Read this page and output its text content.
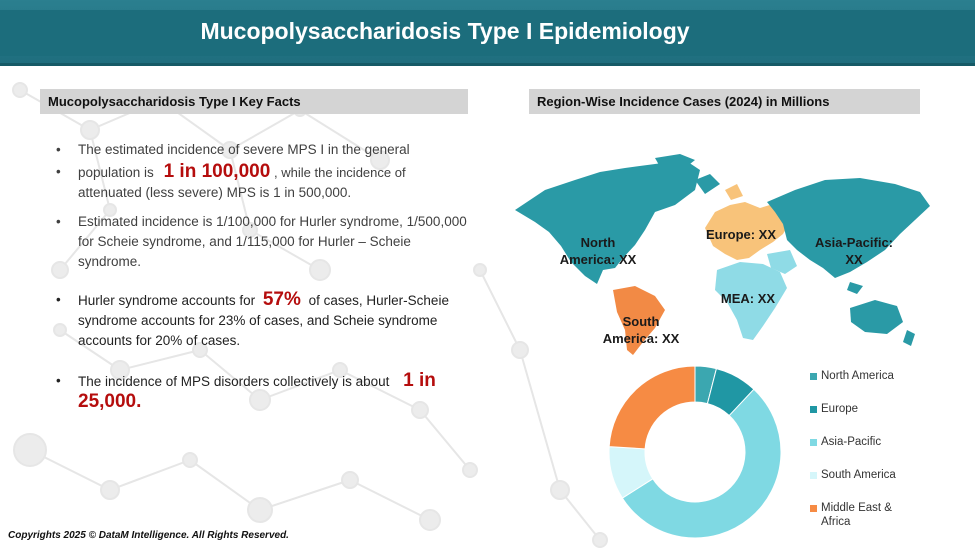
Mucopolysaccharidosis Type I Epidemiology
Mucopolysaccharidosis Type I Key Facts	Region-Wise Incidence Cases (2024) in Millions
• The estimated incidence of severe MPS I in the general
• population is 1 in 100,000 , while the incidence of
attenuated (less severe) MPS is 1 in 500,000.
• Estimated incidence is 1/100,000 for Hurler syndrome, 1/500,000 for Scheie syndrome, and 1/115,000 for Hurler – Scheie syndrome.
• Hurler syndrome accounts for 57% of cases, Hurler-Scheie syndrome accounts for 23% of cases, and Scheie syndrome accounts for 20% of cases.
• The incidence of MPS disorders collectively is about 1 in
25,000.
North America: XX
Europe: XX
Asia-Pacific: XX
MEA: XX
South America: XX
North America
Europe
Asia-Pacific
South America
Middle East &
Africa
Copyrights 2025 © DataM Intelligence. All Rights Reserved.
